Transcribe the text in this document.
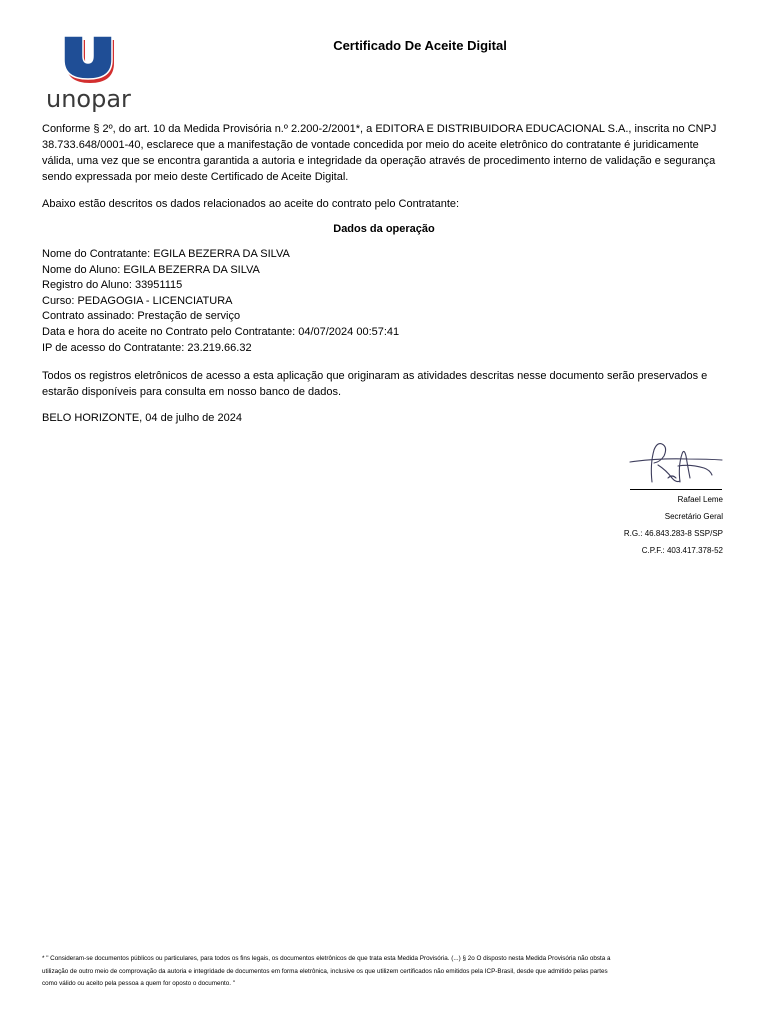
unopar
Certificado De Aceite Digital

Conforme § 2º, do art. 10 da Medida Provisória n.º 2.200-2/2001*, a EDITORA E DISTRIBUIDORA EDUCACIONAL S.A., inscrita no CNPJ 38.733.648/0001-40, esclarece que a manifestação de vontade concedida por meio do aceite eletrônico do contratante é juridicamente válida, uma vez que se encontra garantida a autoria e integridade da operação através de procedimento interno de validação e segurança sendo expressada por meio deste Certificado de Aceite Digital.

Abaixo estão descritos os dados relacionados ao aceite do contrato pelo Contratante:

Dados da operação
Nome do Contratante: EGILA BEZERRA DA SILVA
Nome do Aluno: EGILA BEZERRA DA SILVA
Registro do Aluno: 33951115
Curso: PEDAGOGIA - LICENCIATURA
Contrato assinado: Prestação de serviço
Data e hora do aceite no Contrato pelo Contratante: 04/07/2024 00:57:41
IP de acesso do Contratante: 23.219.66.32

Todos os registros eletrônicos de acesso a esta aplicação que originaram as atividades descritas nesse documento serão preservados e estarão disponíveis para consulta em nosso banco de dados.

BELO HORIZONTE, 04 de julho de 2024
Rafael Leme
Secretário Geral
R.G.: 46.843.283-8 SSP/SP
C.P.F.: 403.417.378-52
* " Consideram-se documentos públicos ou particulares, para todos os fins legais, os documentos eletrônicos de que trata esta Medida Provisória. (...) § 2o O disposto nesta Medida Provisória não obsta a
utilização de outro meio de comprovação da autoria e integridade de documentos em forma eletrônica, inclusive os que utilizem certificados não emitidos pela ICP-Brasil, desde que admitido pelas partes
como válido ou aceito pela pessoa a quem for oposto o documento. "
